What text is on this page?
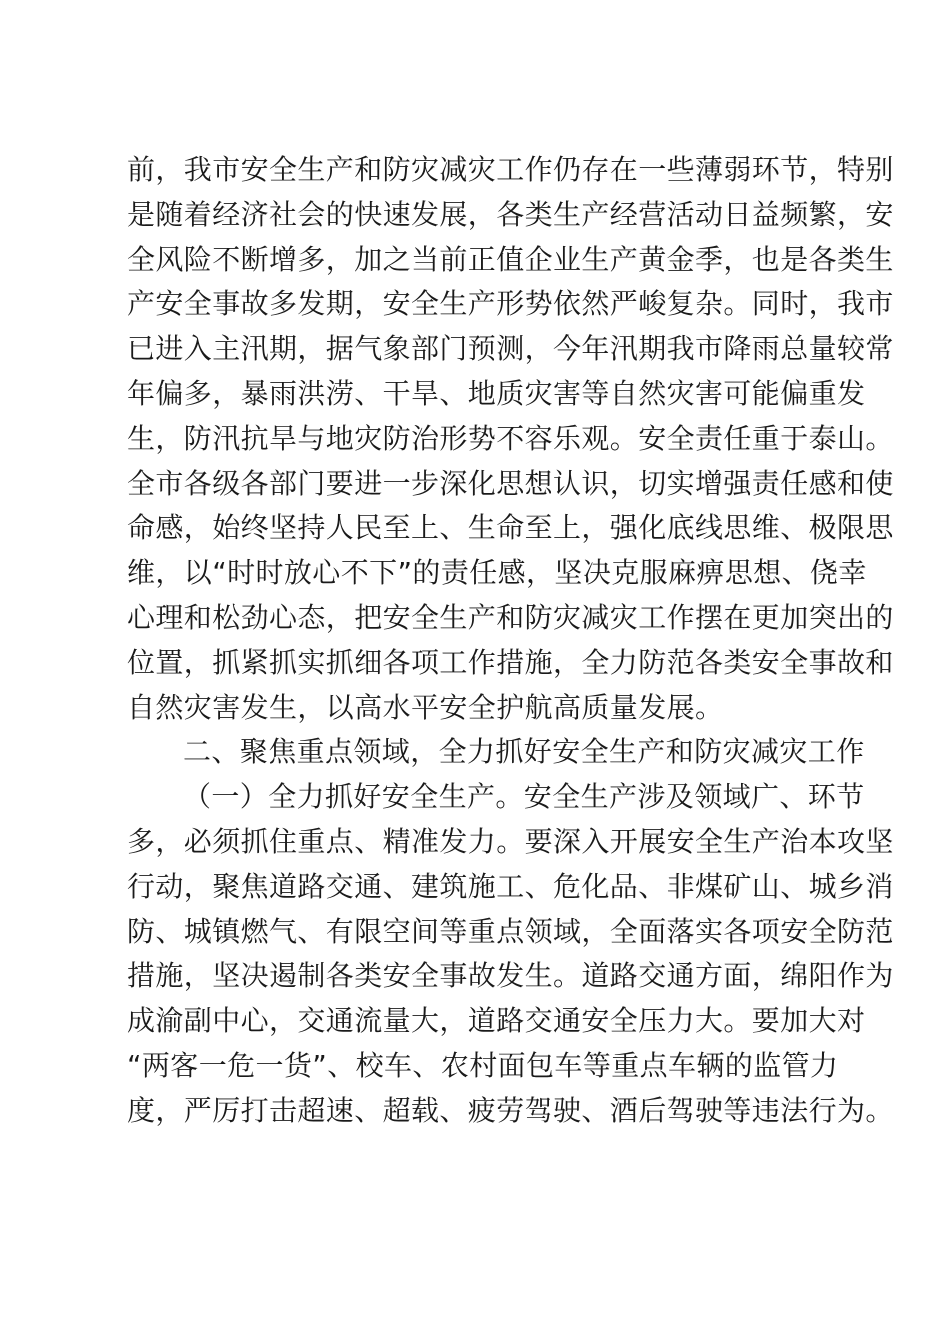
前，我市安全生产和防灾减灾工作仍存在一些薄弱环节，特别
是随着经济社会的快速发展，各类生产经营活动日益频繁，安
全风险不断增多，加之当前正值企业生产黄金季，也是各类生
产安全事故多发期，安全生产形势依然严峻复杂。同时，我市
已进入主汛期，据气象部门预测，今年汛期我市降雨总量较常
年偏多，暴雨洪涝、干旱、地质灾害等自然灾害可能偏重发
生，防汛抗旱与地灾防治形势不容乐观。安全责任重于泰山。
全市各级各部门要进一步深化思想认识，切实增强责任感和使
命感，始终坚持人民至上、生命至上，强化底线思维、极限思
维，以“时时放心不下”的责任感，坚决克服麻痹思想、侥幸
心理和松劲心态，把安全生产和防灾减灾工作摆在更加突出的
位置，抓紧抓实抓细各项工作措施，全力防范各类安全事故和
自然灾害发生，以高水平安全护航高质量发展。
二、聚焦重点领域，全力抓好安全生产和防灾减灾工作
（一）全力抓好安全生产。安全生产涉及领域广、环节
多，必须抓住重点、精准发力。要深入开展安全生产治本攻坚
行动，聚焦道路交通、建筑施工、危化品、非煤矿山、城乡消
防、城镇燃气、有限空间等重点领域，全面落实各项安全防范
措施，坚决遏制各类安全事故发生。道路交通方面，绵阳作为
成渝副中心，交通流量大，道路交通安全压力大。要加大对
“两客一危一货”、校车、农村面包车等重点车辆的监管力
度，严厉打击超速、超载、疲劳驾驶、酒后驾驶等违法行为。
